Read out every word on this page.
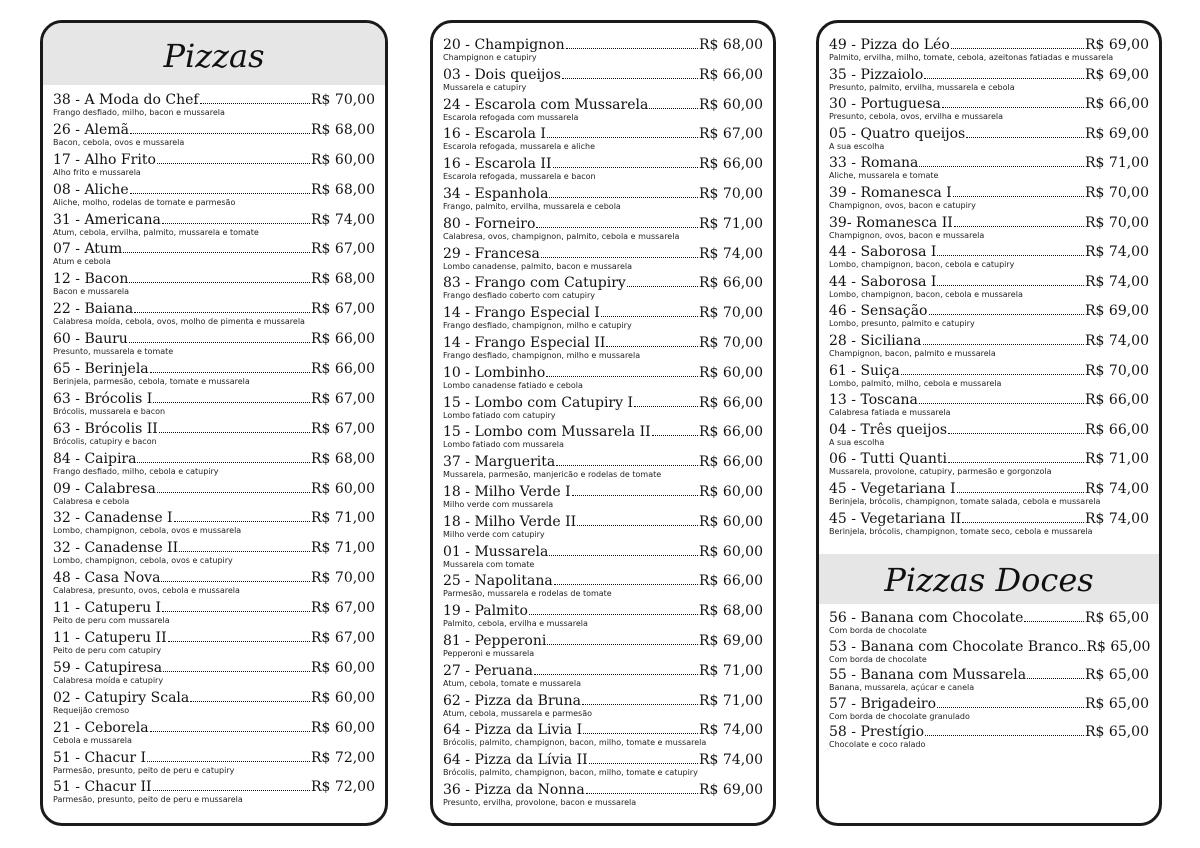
Pizzas
38 - A Moda do Chef	R$ 70,00
Frango desfiado, milho, bacon e mussarela
26 - Alemã	R$ 68,00
Bacon, cebola, ovos e mussarela
17 - Alho Frito	R$ 60,00
Alho frito e mussarela
08 - Aliche	R$ 68,00
Aliche, molho, rodelas de tomate e parmesão
31 - Americana	R$ 74,00
Atum, cebola, ervilha, palmito, mussarela e tomate
07 - Atum	R$ 67,00
Atum e cebola
12 - Bacon	R$ 68,00
Bacon e mussarela
22 - Baiana	R$ 67,00
Calabresa moída, cebola, ovos, molho de pimenta e mussarela
60 - Bauru	R$ 66,00
Presunto, mussarela e tomate
65 - Berinjela	R$ 66,00
Berinjela, parmesão, cebola, tomate e mussarela
63 - Brócolis I	R$ 67,00
Brócolis, mussarela e bacon
63 - Brócolis II	R$ 67,00
Brócolis, catupiry e bacon
84 - Caipira	R$ 68,00
Frango desfiado, milho, cebola e catupiry
09 - Calabresa	R$ 60,00
Calabresa e cebola
32 - Canadense I	R$ 71,00
Lombo, champignon, cebola, ovos e mussarela
32 - Canadense II	R$ 71,00
Lombo, champignon, cebola, ovos e catupiry
48 - Casa Nova	R$ 70,00
Calabresa, presunto, ovos, cebola e mussarela
11 - Catuperu I	R$ 67,00
Peito de peru com mussarela
11 - Catuperu II	R$ 67,00
Peito de peru com catupiry
59 - Catupiresa	R$ 60,00
Calabresa moída e catupiry
02 - Catupiry Scala	R$ 60,00
Requeijão cremoso
21 - Ceborela	R$ 60,00
Cebola e mussarela
51 - Chacur I	R$ 72,00
Parmesão, presunto, peito de peru e catupiry
51 - Chacur II	R$ 72,00
Parmesão, presunto, peito de peru e mussarela
20 - Champignon	R$ 68,00
Champignon e catupiry
03 - Dois queijos	R$ 66,00
Mussarela e catupiry
24 - Escarola com Mussarela	R$ 60,00
Escarola refogada com mussarela
16 - Escarola I	R$ 67,00
Escarola refogada, mussarela e aliche
16 - Escarola II	R$ 66,00
Escarola refogada, mussarela e bacon
34 - Espanhola	R$ 70,00
Frango, palmito, ervilha, mussarela e cebola
80 - Forneiro	R$ 71,00
Calabresa, ovos, champignon, palmito, cebola e mussarela
29 - Francesa	R$ 74,00
Lombo canadense, palmito, bacon e mussarela
83 - Frango com Catupiry	R$ 66,00
Frango desfiado coberto com catupiry
14 - Frango Especial I	R$ 70,00
Frango desfiado, champignon, milho e catupiry
14 - Frango Especial II	R$ 70,00
Frango desfiado, champignon, milho e mussarela
10 - Lombinho	R$ 60,00
Lombo canadense fatiado e cebola
15 - Lombo com Catupiry I	R$ 66,00
Lombo fatiado com catupiry
15 - Lombo com Mussarela II	R$ 66,00
Lombo fatiado com mussarela
37 - Marguerita	R$ 66,00
Mussarela, parmesão, manjericão e rodelas de tomate
18 - Milho Verde I	R$ 60,00
Milho verde com mussarela
18 - Milho Verde II	R$ 60,00
Milho verde com catupiry
01 - Mussarela	R$ 60,00
Mussarela com tomate
25 - Napolitana	R$ 66,00
Parmesão, mussarela e rodelas de tomate
19 - Palmito	R$ 68,00
Palmito, cebola, ervilha e mussarela
81 - Pepperoni	R$ 69,00
Pepperoni e mussarela
27 - Peruana	R$ 71,00
Atum, cebola, tomate e mussarela
62 - Pizza da Bruna	R$ 71,00
Atum, cebola, mussarela e parmesão
64 - Pizza da Livia I	R$ 74,00
Brócolis, palmito, champignon, bacon, milho, tomate e mussarela
64 - Pizza da Lívia II	R$ 74,00
Brócolis, palmito, champignon, bacon, milho, tomate e catupiry
36 - Pizza da Nonna	R$ 69,00
Presunto, ervilha, provolone, bacon e mussarela
49 - Pizza do Léo	R$ 69,00
Palmito, ervilha, milho, tomate, cebola, azeitonas fatiadas e mussarela
35 - Pizzaiolo	R$ 69,00
Presunto, palmito, ervilha, mussarela e cebola
30 - Portuguesa	R$ 66,00
Presunto, cebola, ovos, ervilha e mussarela
05 - Quatro queijos	R$ 69,00
A sua escolha
33 - Romana	R$ 71,00
Aliche, mussarela e tomate
39 - Romanesca I	R$ 70,00
Champignon, ovos, bacon e catupiry
39- Romanesca II	R$ 70,00
Champignon, ovos, bacon e mussarela
44 - Saborosa I	R$ 74,00
Lombo, champignon, bacon, cebola e catupiry
44 - Saborosa I	R$ 74,00
Lombo, champignon, bacon, cebola e mussarela
46 - Sensação	R$ 69,00
Lombo, presunto, palmito e catupiry
28 - Siciliana	R$ 74,00
Champignon, bacon, palmito e mussarela
61 - Suiça	R$ 70,00
Lombo, palmito, milho, cebola e mussarela
13 - Toscana	R$ 66,00
Calabresa fatiada e mussarela
04 - Três queijos	R$ 66,00
A sua escolha
06 - Tutti Quanti	R$ 71,00
Mussarela, provolone, catupiry, parmesão e gorgonzola
45 - Vegetariana I	R$ 74,00
Berinjela, brócolis, champignon, tomate salada, cebola e mussarela
45 - Vegetariana II	R$ 74,00
Berinjela, brócolis, champignon, tomate seco, cebola e mussarela
Pizzas Doces
56 - Banana com Chocolate	R$ 65,00
Com borda de chocolate
53 - Banana com Chocolate Branco R$ 65,00
Com borda de chocolate
55 - Banana com Mussarela	R$ 65,00
Banana, mussarela, açúcar e canela
57 - Brigadeiro	R$ 65,00
Com borda de chocolate granulado
58 - Prestígio	R$ 65,00
Chocolate e coco ralado
